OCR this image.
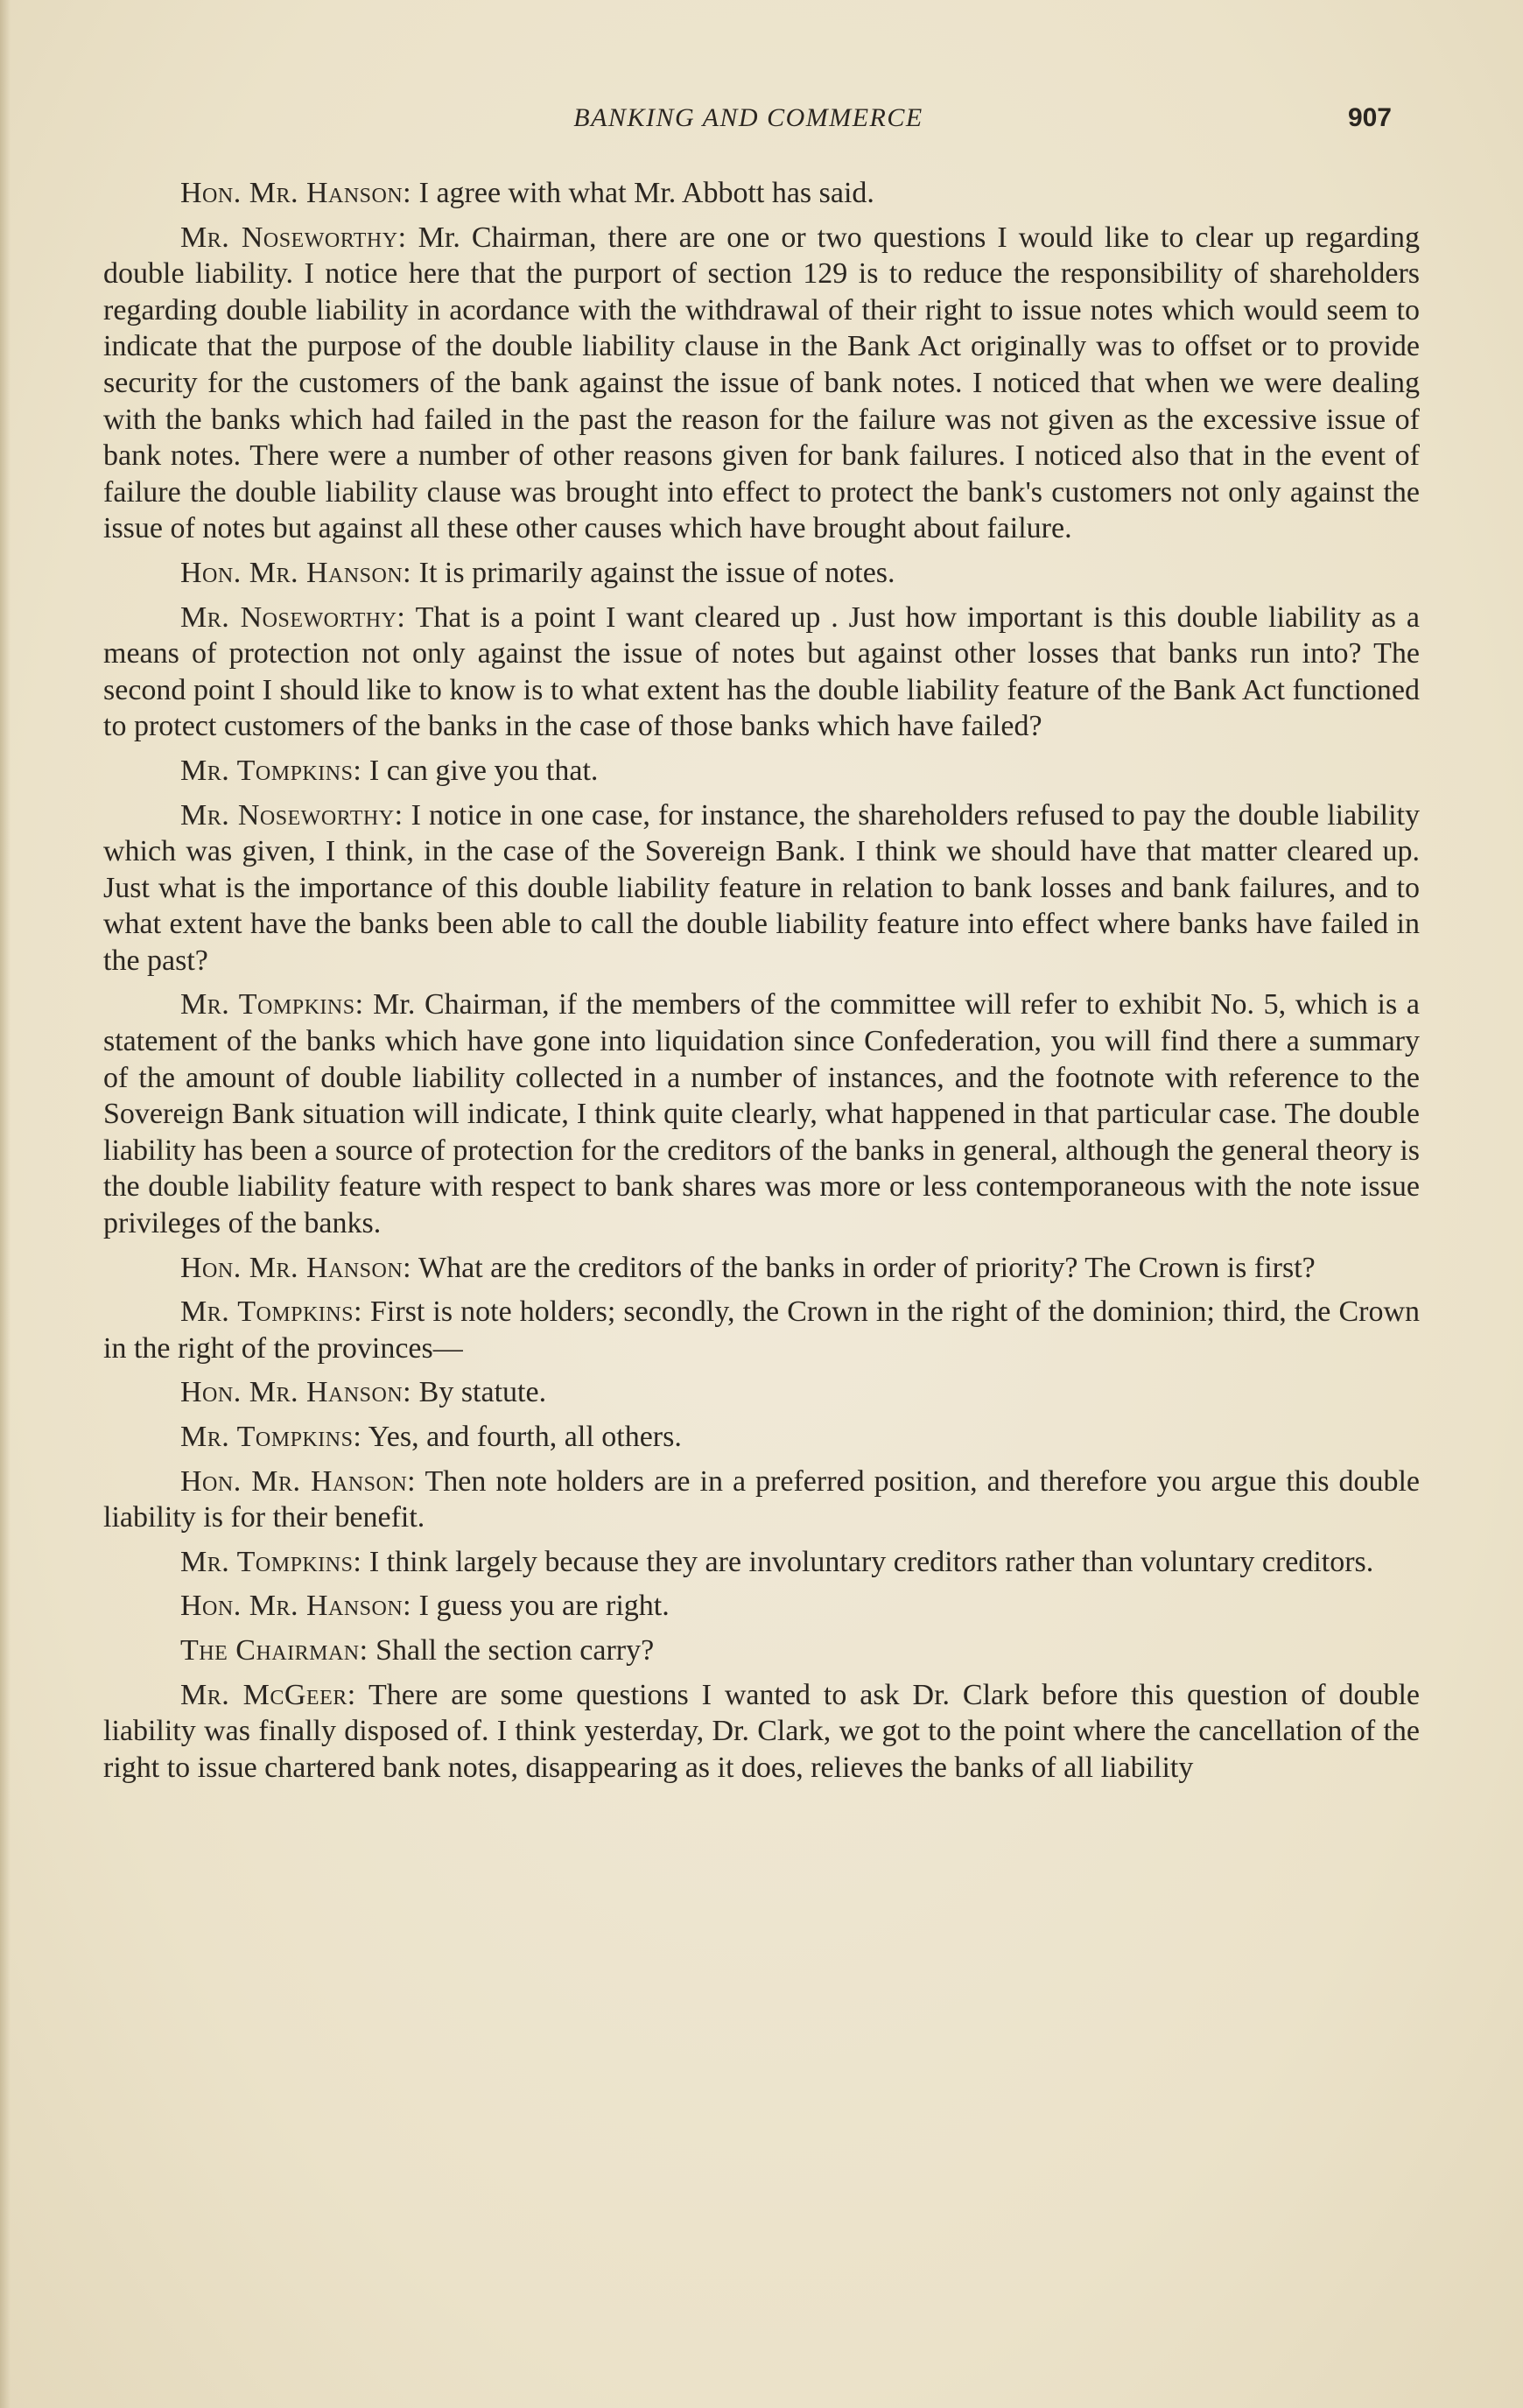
BANKING AND COMMERCE	907

Hon. Mr. Hanson: I agree with what Mr. Abbott has said.

Mr. Noseworthy: Mr. Chairman, there are one or two questions I would like to clear up regarding double liability. I notice here that the purport of section 129 is to reduce the responsibility of shareholders regarding double liability in acordance with the withdrawal of their right to issue notes which would seem to indicate that the purpose of the double liability clause in the Bank Act originally was to offset or to provide security for the customers of the bank against the issue of bank notes. I noticed that when we were dealing with the banks which had failed in the past the reason for the failure was not given as the excessive issue of bank notes. There were a number of other reasons given for bank failures. I noticed also that in the event of failure the double liability clause was brought into effect to protect the bank's customers not only against the issue of notes but against all these other causes which have brought about failure.

Hon. Mr. Hanson: It is primarily against the issue of notes.

Mr. Noseworthy: That is a point I want cleared up . Just how important is this double liability as a means of protection not only against the issue of notes but against other losses that banks run into? The second point I should like to know is to what extent has the double liability feature of the Bank Act functioned to protect customers of the banks in the case of those banks which have failed?

Mr. Tompkins: I can give you that.

Mr. Noseworthy: I notice in one case, for instance, the shareholders refused to pay the double liability which was given, I think, in the case of the Sovereign Bank. I think we should have that matter cleared up. Just what is the importance of this double liability feature in relation to bank losses and bank failures, and to what extent have the banks been able to call the double liability feature into effect where banks have failed in the past?

Mr. Tompkins: Mr. Chairman, if the members of the committee will refer to exhibit No. 5, which is a statement of the banks which have gone into liquidation since Confederation, you will find there a summary of the amount of double liability collected in a number of instances, and the footnote with reference to the Sovereign Bank situation will indicate, I think quite clearly, what happened in that particular case. The double liability has been a source of protection for the creditors of the banks in general, although the general theory is the double liability feature with respect to bank shares was more or less contemporaneous with the note issue privileges of the banks.

Hon. Mr. Hanson: What are the creditors of the banks in order of priority? The Crown is first?

Mr. Tompkins: First is note holders; secondly, the Crown in the right of the dominion; third, the Crown in the right of the provinces—

Hon. Mr. Hanson: By statute.

Mr. Tompkins: Yes, and fourth, all others.

Hon. Mr. Hanson: Then note holders are in a preferred position, and therefore you argue this double liability is for their benefit.

Mr. Tompkins: I think largely because they are involuntary creditors rather than voluntary creditors.

Hon. Mr. Hanson: I guess you are right.

The Chairman: Shall the section carry?

Mr. McGeer: There are some questions I wanted to ask Dr. Clark before this question of double liability was finally disposed of. I think yesterday, Dr. Clark, we got to the point where the cancellation of the right to issue chartered bank notes, disappearing as it does, relieves the banks of all liability
